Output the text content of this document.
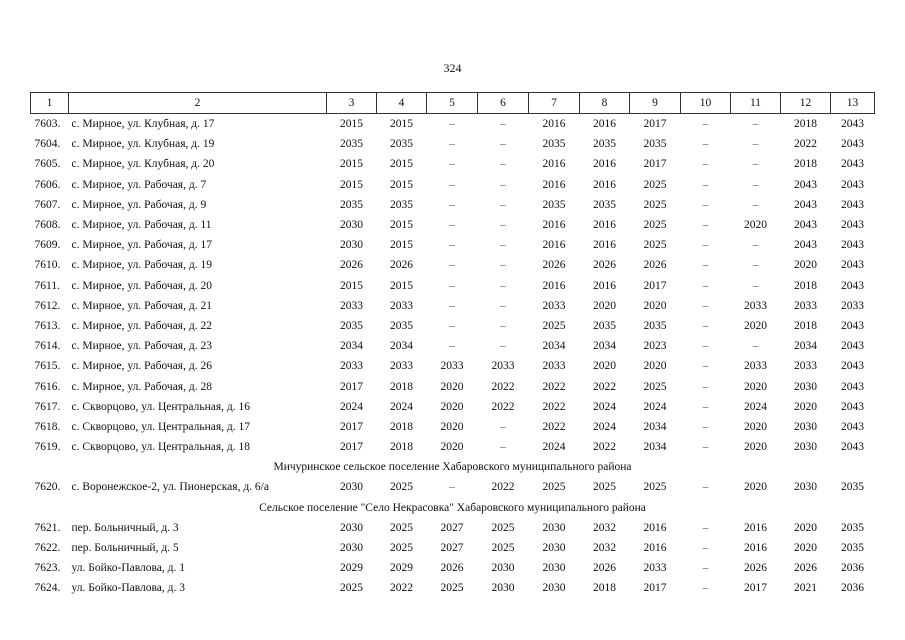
324
1	2	3	4	5	6	7	8	9	10	11	12	13
7603.	с. Мирное, ул. Клубная, д. 17	2015	2015	–	–	2016	2016	2017	–	–	2018	2043
7604.	с. Мирное, ул. Клубная, д. 19	2035	2035	–	–	2035	2035	2035	–	–	2022	2043
7605.	с. Мирное, ул. Клубная, д. 20	2015	2015	–	–	2016	2016	2017	–	–	2018	2043
7606.	с. Мирное, ул. Рабочая, д. 7	2015	2015	–	–	2016	2016	2025	–	–	2043	2043
7607.	с. Мирное, ул. Рабочая, д. 9	2035	2035	–	–	2035	2035	2025	–	–	2043	2043
7608.	с. Мирное, ул. Рабочая, д. 11	2030	2015	–	–	2016	2016	2025	–	2020	2043	2043
7609.	с. Мирное, ул. Рабочая, д. 17	2030	2015	–	–	2016	2016	2025	–	–	2043	2043
7610.	с. Мирное, ул. Рабочая, д. 19	2026	2026	–	–	2026	2026	2026	–	–	2020	2043
7611.	с. Мирное, ул. Рабочая, д. 20	2015	2015	–	–	2016	2016	2017	–	–	2018	2043
7612.	с. Мирное, ул. Рабочая, д. 21	2033	2033	–	–	2033	2020	2020	–	2033	2033	2033
7613.	с. Мирное, ул. Рабочая, д. 22	2035	2035	–	–	2025	2035	2035	–	2020	2018	2043
7614.	с. Мирное, ул. Рабочая, д. 23	2034	2034	–	–	2034	2034	2023	–	–	2034	2043
7615.	с. Мирное, ул. Рабочая, д. 26	2033	2033	2033	2033	2033	2020	2020	–	2033	2033	2043
7616.	с. Мирное, ул. Рабочая, д. 28	2017	2018	2020	2022	2022	2022	2025	–	2020	2030	2043
7617.	с. Скворцово, ул. Центральная, д. 16	2024	2024	2020	2022	2022	2024	2024	–	2024	2020	2043
7618.	с. Скворцово, ул. Центральная, д. 17	2017	2018	2020	–	2022	2024	2034	–	2020	2030	2043
7619.	с. Скворцово, ул. Центральная, д. 18	2017	2018	2020	–	2024	2022	2034	–	2020	2030	2043
Мичуринское сельское поселение Хабаровского муниципального района												
7620.	с. Воронежское-2, ул. Пионерская, д. 6/а	2030	2025	–	2022	2025	2025	2025	–	2020	2030	2035
Сельское поселение "Село Некрасовка" Хабаровского муниципального района												
7621.	пер. Больничный, д. 3	2030	2025	2027	2025	2030	2032	2016	–	2016	2020	2035
7622.	пер. Больничный, д. 5	2030	2025	2027	2025	2030	2032	2016	–	2016	2020	2035
7623.	ул. Бойко-Павлова, д. 1	2029	2029	2026	2030	2030	2026	2033	–	2026	2026	2036
7624.	ул. Бойко-Павлова, д. 3	2025	2022	2025	2030	2030	2018	2017	–	2017	2021	2036
